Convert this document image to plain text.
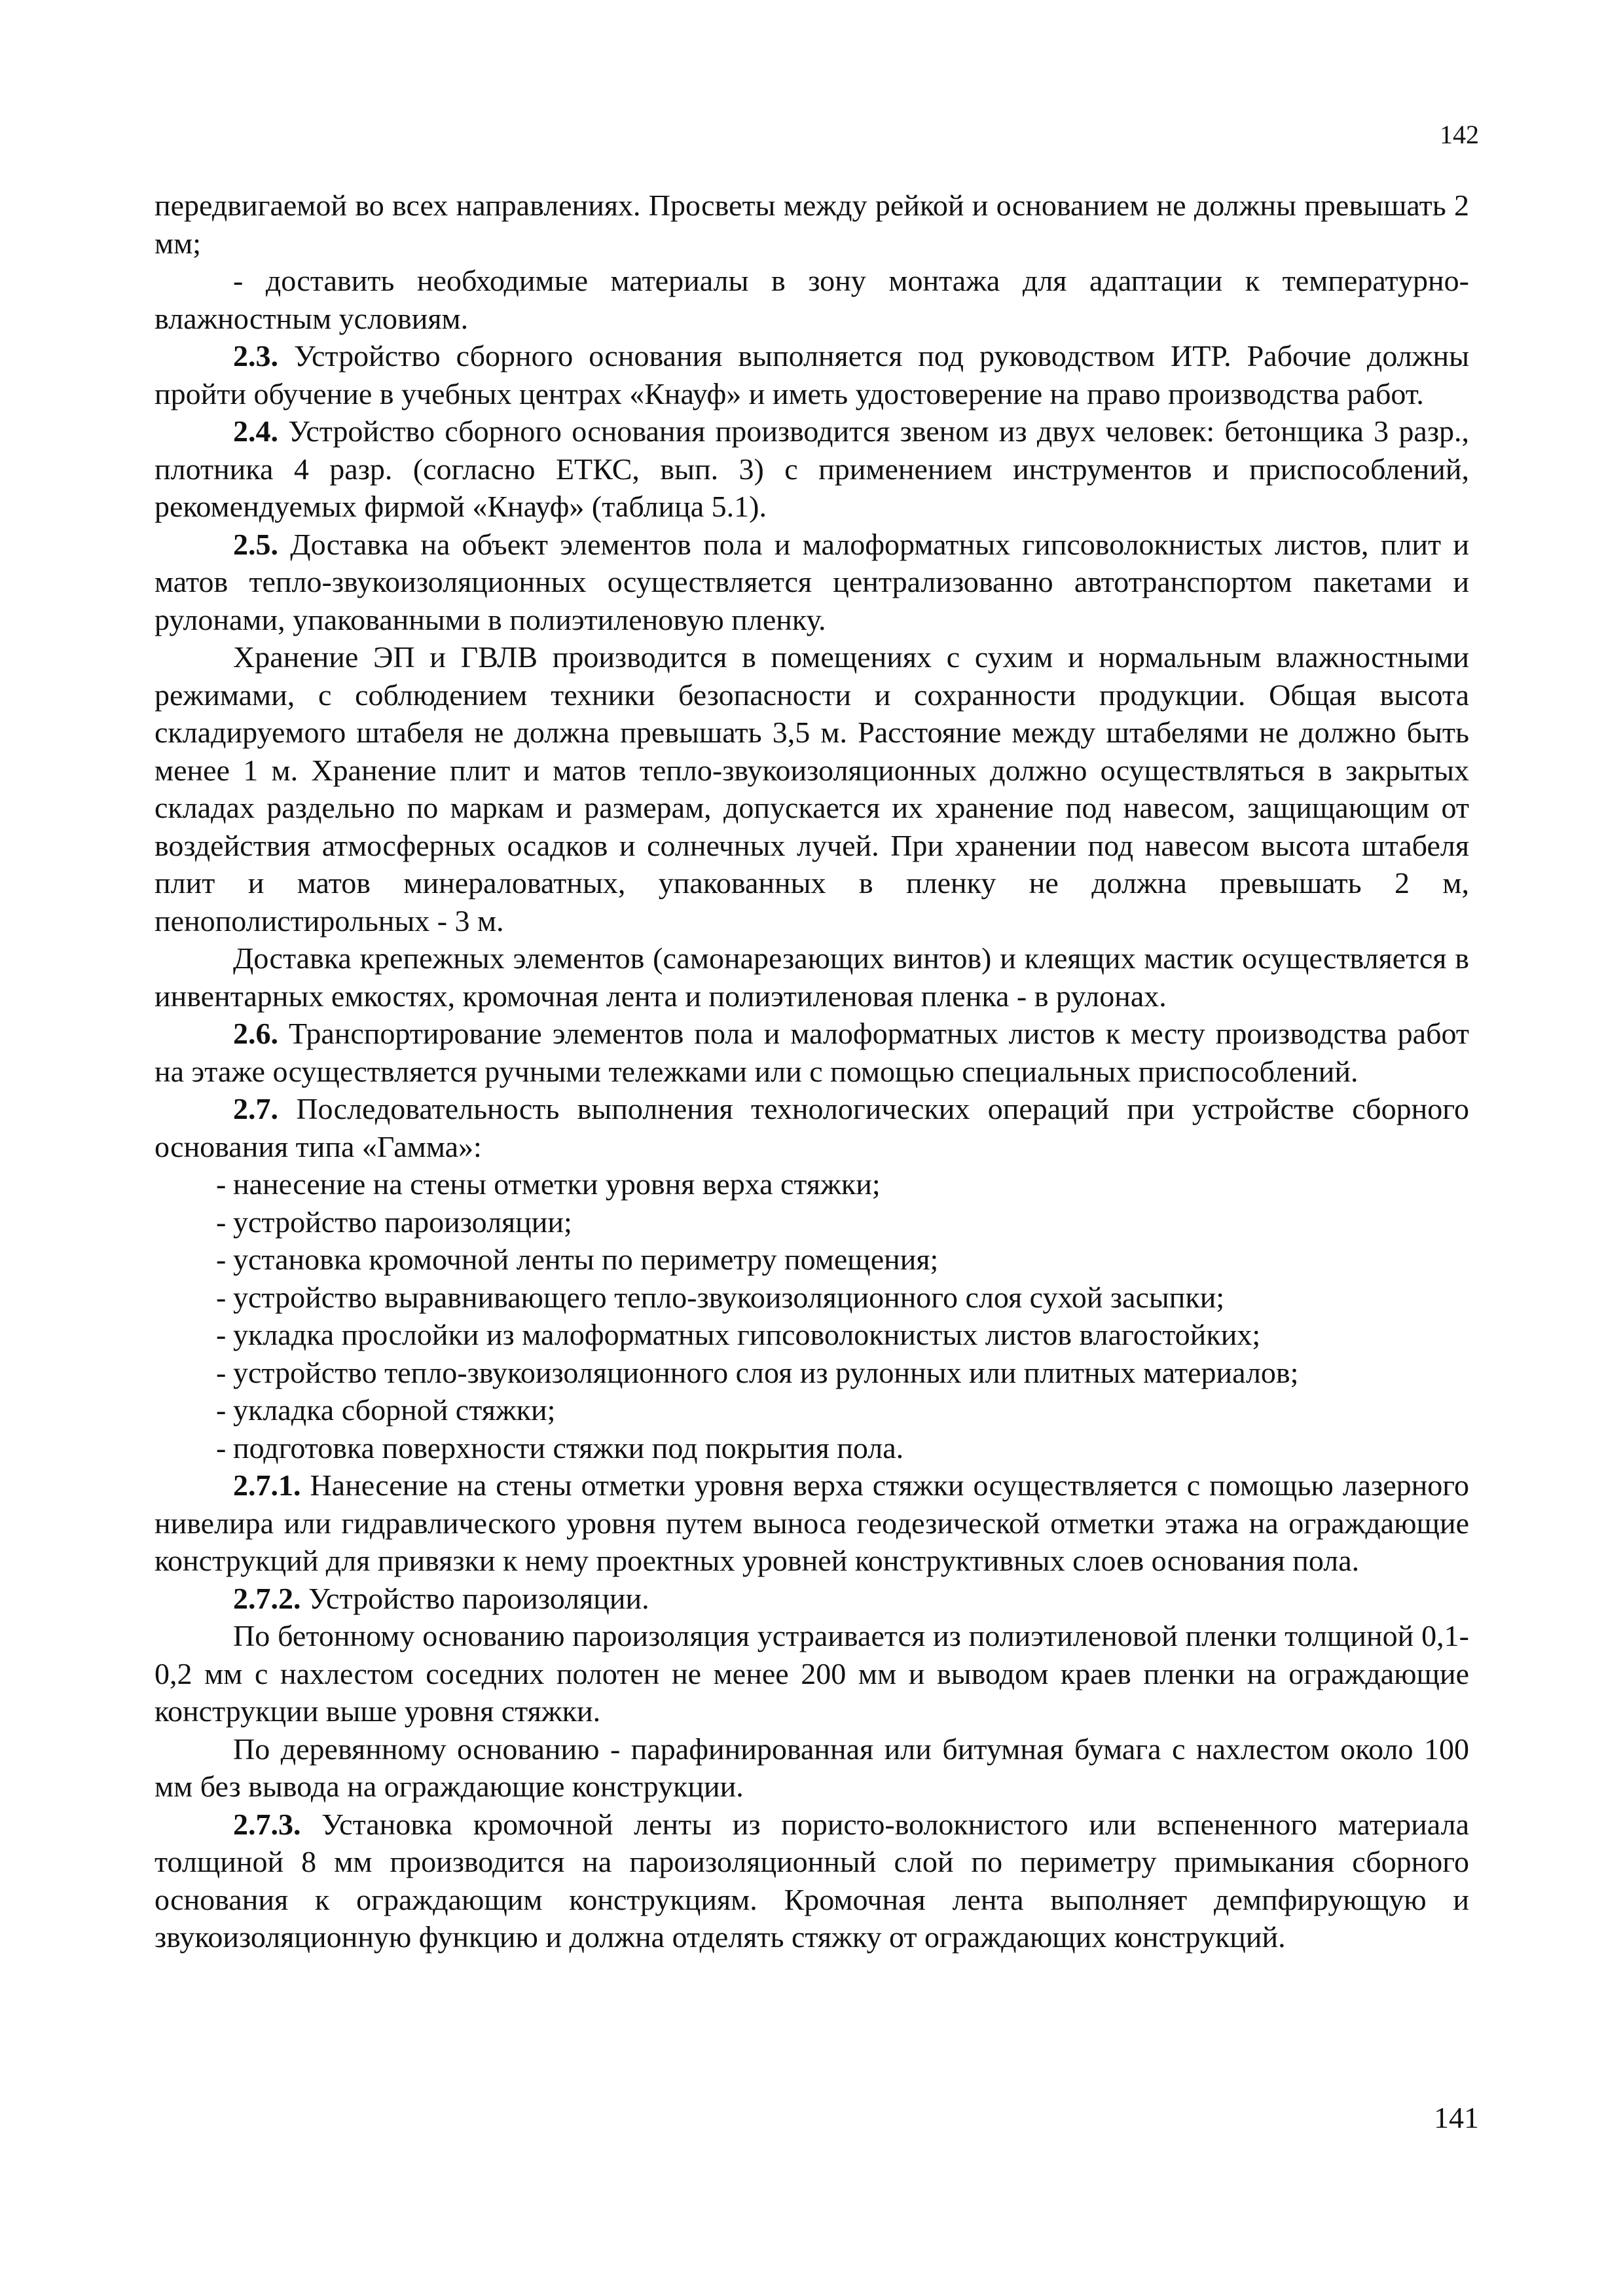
142

передвигаемой во всех направлениях. Просветы между рейкой и основанием не должны превышать 2 мм;

- доставить необходимые материалы в зону монтажа для адаптации к температурно-влажностным условиям.

2.3. Устройство сборного основания выполняется под руководством ИТР. Рабочие должны пройти обучение в учебных центрах «Кнауф» и иметь удостоверение на право производства работ.

2.4. Устройство сборного основания производится звеном из двух человек: бетонщика 3 разр., плотника 4 разр. (согласно ЕТКС, вып. 3) с применением инструментов и приспособлений, рекомендуемых фирмой «Кнауф» (таблица 5.1).

2.5. Доставка на объект элементов пола и малоформатных гипсоволокнистых листов, плит и матов тепло-звукоизоляционных осуществляется централизованно автотранспортом пакетами и рулонами, упакованными в полиэтиленовую пленку.

Хранение ЭП и ГВЛВ производится в помещениях с сухим и нормальным влажностными режимами, с соблюдением техники безопасности и сохранности продукции. Общая высота складируемого штабеля не должна превышать 3,5 м. Расстояние между штабелями не должно быть менее 1 м. Хранение плит и матов тепло-звукоизоляционных должно осуществляться в закрытых складах раздельно по маркам и размерам, допускается их хранение под навесом, защищающим от воздействия атмосферных осадков и солнечных лучей. При хранении под навесом высота штабеля плит и матов минераловатных, упакованных в пленку не должна превышать 2 м, пенополистирольных - 3 м.

Доставка крепежных элементов (самонарезающих винтов) и клеящих мастик осуществляется в инвентарных емкостях, кромочная лента и полиэтиленовая пленка - в рулонах.

2.6. Транспортирование элементов пола и малоформатных листов к месту производства работ на этаже осуществляется ручными тележками или с помощью специальных приспособлений.

2.7. Последовательность выполнения технологических операций при устройстве сборного основания типа «Гамма»:

- нанесение на стены отметки уровня верха стяжки;
- устройство пароизоляции;
- установка кромочной ленты по периметру помещения;
- устройство выравнивающего тепло-звукоизоляционного слоя сухой засыпки;
- укладка прослойки из малоформатных гипсоволокнистых листов влагостойких;
- устройство тепло-звукоизоляционного слоя из рулонных или плитных материалов;
- укладка сборной стяжки;
- подготовка поверхности стяжки под покрытия пола.

2.7.1. Нанесение на стены отметки уровня верха стяжки осуществляется с помощью лазерного нивелира или гидравлического уровня путем выноса геодезической отметки этажа на ограждающие конструкций для привязки к нему проектных уровней конструктивных слоев основания пола.

2.7.2. Устройство пароизоляции.

По бетонному основанию пароизоляция устраивается из полиэтиленовой пленки толщиной 0,1-0,2 мм с нахлестом соседних полотен не менее 200 мм и выводом краев пленки на ограждающие конструкции выше уровня стяжки.

По деревянному основанию - парафинированная или битумная бумага с нахлестом около 100 мм без вывода на ограждающие конструкции.

2.7.3. Установка кромочной ленты из пористо-волокнистого или вспененного материала толщиной 8 мм производится на пароизоляционный слой по периметру примыкания сборного основания к ограждающим конструкциям. Кромочная лента выполняет демпфирующую и звукоизоляционную функцию и должна отделять стяжку от ограждающих конструкций.

141
